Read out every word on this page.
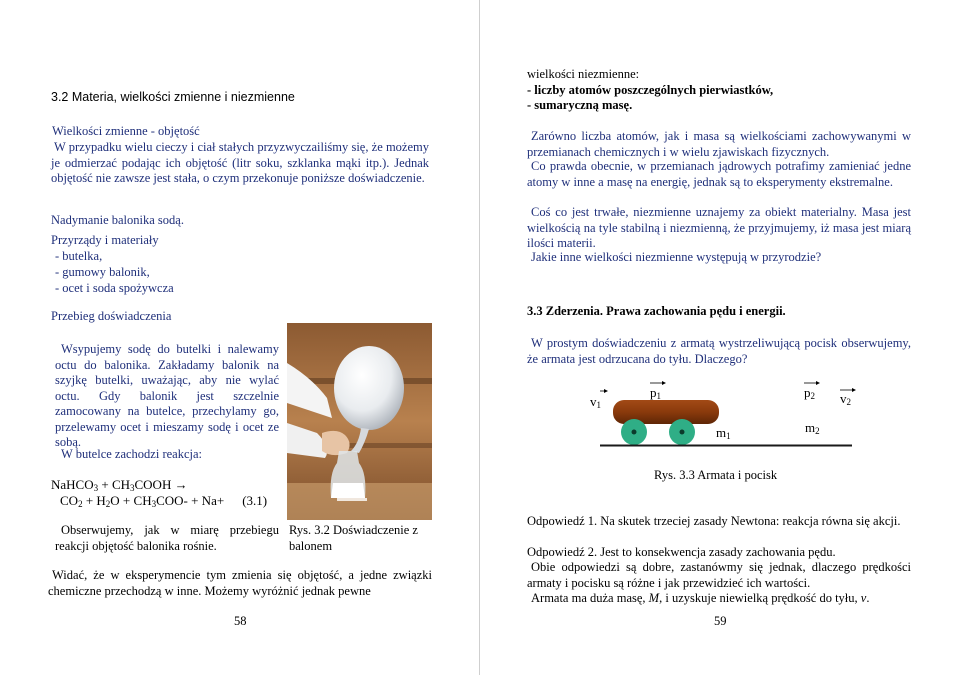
3.2 Materia, wielkości zmienne i niezmienne
Wielkości zmienne - objętość

W przypadku wielu cieczy i ciał stałych przyzwyczailiśmy się, że możemy je odmierzać podając ich objętość (litr soku, szklanka mąki itp.). Jednak objętość nie zawsze jest stała, o czym przekonuje poniższe doświadczenie.

Nadymanie balonika sodą.
Przyrządy i materiały
- butelka,
- gumowy balonik,
- ocet i soda spożywcza
Przebieg doświadczenia

Wsypujemy sodę do butelki i nalewamy octu do balonika. Zakładamy balonik na szyjkę butelki, uważając, aby nie wylać octu. Gdy balonik jest szczelnie zamocowany na butelce, przechylamy go, przelewamy ocet i mieszamy sodę i ocet ze sobą.

W butelce zachodzi reakcja:
NaHCO$_3$ + $CH_3COOH$ →
$CO_2 + H_2O + CH_3COO- + Na+ (3.1)$

Obserwujemy, jak w miarę przebiegu reakcji objętość balonika rośnie.

Rys. 3.2 Doświadczenie z balonem

Widać, że w eksperymencie tym zmienia się objętość, a jedne związki chemiczne przechodzą w inne. Możemy wyróżnić jednak pewne

58
wielkości niezmienne:
- liczby atomów poszczególnych pierwiastków,
- sumaryczną masę.

Zarówno liczba atomów, jak i masa są wielkościami zachowywanymi w przemianach chemicznych i w wielu zjawiskach fizycznych.

Co prawda obecnie, w przemianach jądrowych potrafimy zamieniać jedne atomy w inne a masę na energię, jednak są to eksperymenty ekstremalne.

Coś co jest trwałe, niezmienne uznajemy za obiekt materialny. Masa jest wielkością na tyle stabilną i niezmienną, że przyjmujemy, iż masa jest miarą ilości materii.

Jakie inne wielkości niezmienne występują w przyrodzie?

3.3 Zderzenia. Prawa zachowania pędu i energii.

W prostym doświadczeniu z armatą wystrzeliwującą pocisk obserwujemy, że armata jest odrzucana do tyłu. Dlaczego?

$v_1$
$p_1$
$m_1$
$p_2$ $v_2$
$m_2$
Rys. 3.3 Armata i pocisk

Odpowiedź 1. Na skutek trzeciej zasady Newtona: reakcja równa się akcji.

Odpowiedź 2. Jest to konsekwencja zasady zachowania pędu.

Obie odpowiedzi są dobre, zastanówmy się jednak, dlaczego prędkości armaty i pocisku są różne i jak przewidzieć ich wartości.

Armata ma duża masę, M, i uzyskuje niewielką prędkość do tyłu, v.

59
